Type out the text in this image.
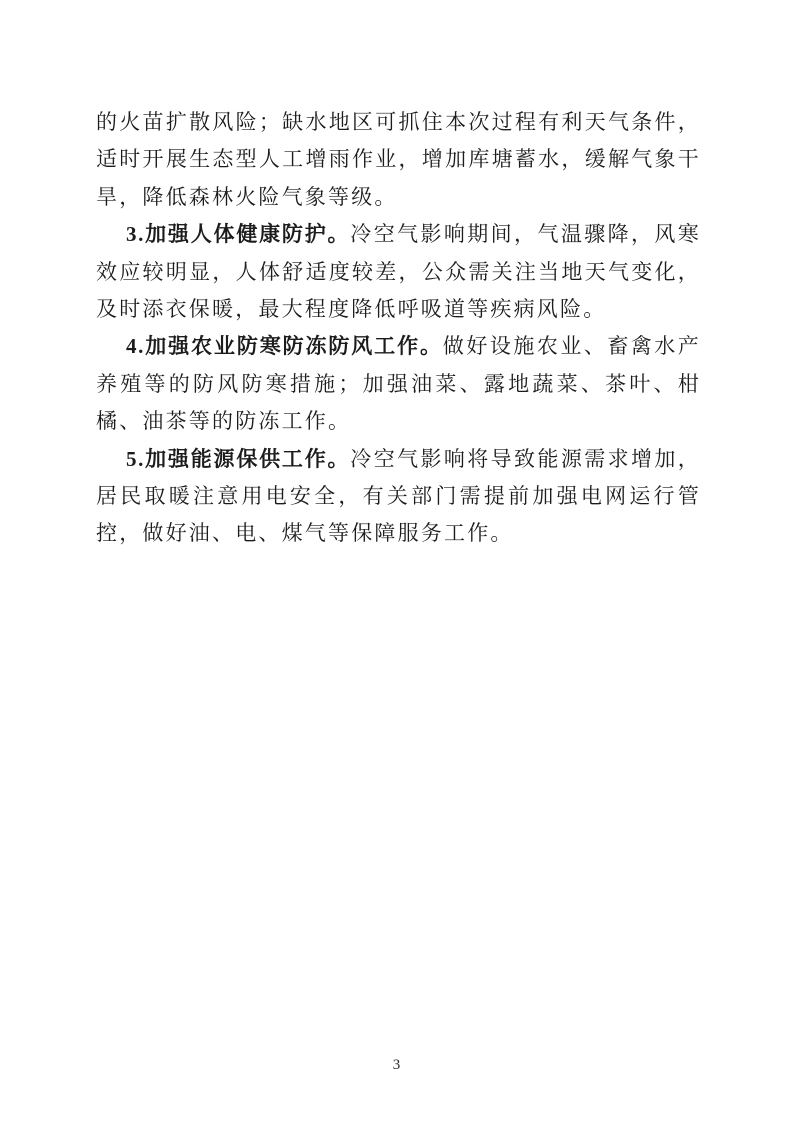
的火苗扩散风险；缺水地区可抓住本次过程有利天气条件，适时开展生态型人工增雨作业，增加库塘蓄水，缓解气象干旱，降低森林火险气象等级。

3.加强人体健康防护。冷空气影响期间，气温骤降，风寒效应较明显，人体舒适度较差，公众需关注当地天气变化，及时添衣保暖，最大程度降低呼吸道等疾病风险。

4.加强农业防寒防冻防风工作。做好设施农业、畜禽水产养殖等的防风防寒措施；加强油菜、露地蔬菜、茶叶、柑橘、油茶等的防冻工作。

5.加强能源保供工作。冷空气影响将导致能源需求增加，居民取暖注意用电安全，有关部门需提前加强电网运行管控，做好油、电、煤气等保障服务工作。

3
